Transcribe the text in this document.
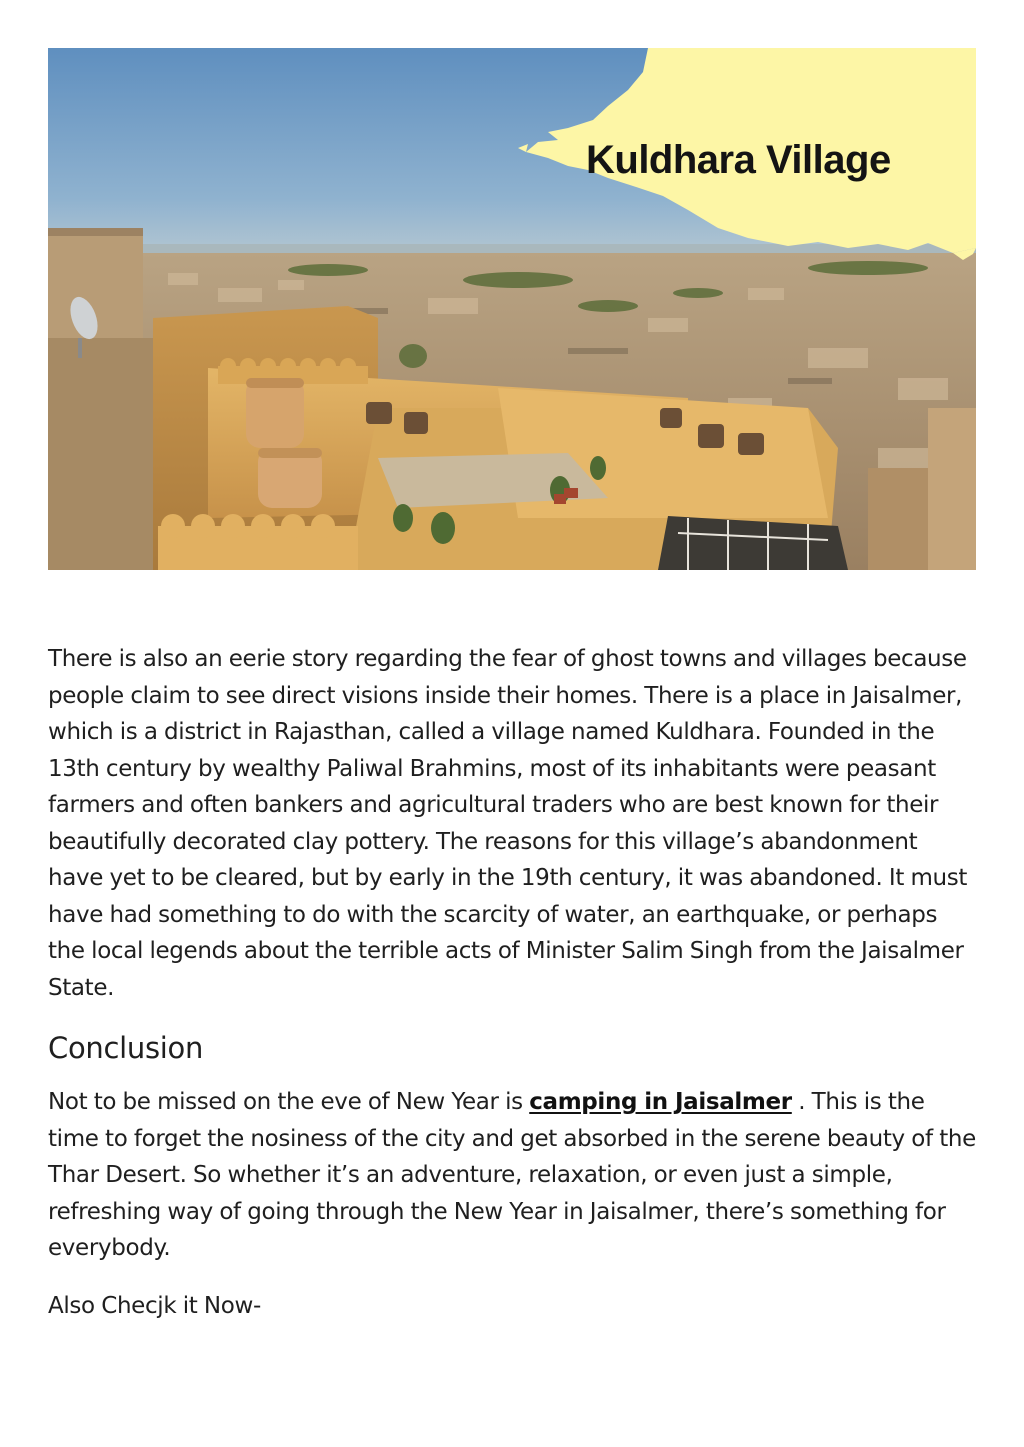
Kuldhara Village

There is also an eerie story regarding the fear of ghost towns and villages because people claim to see direct visions inside their homes. There is a place in Jaisalmer, which is a district in Rajasthan, called a village named Kuldhara. Founded in the 13th century by wealthy Paliwal Brahmins, most of its inhabitants were peasant farmers and often bankers and agricultural traders who are best known for their beautifully decorated clay pottery. The reasons for this village’s abandonment have yet to be cleared, but by early in the 19th century, it was abandoned. It must have had something to do with the scarcity of water, an earthquake, or perhaps the local legends about the terrible acts of Minister Salim Singh from the Jaisalmer State.

Conclusion

Not to be missed on the eve of New Year is camping in Jaisalmer . This is the time to forget the nosiness of the city and get absorbed in the serene beauty of the Thar Desert. So whether it’s an adventure, relaxation, or even just a simple, refreshing way of going through the New Year in Jaisalmer, there’s something for everybody.

Also Checjk it Now-
